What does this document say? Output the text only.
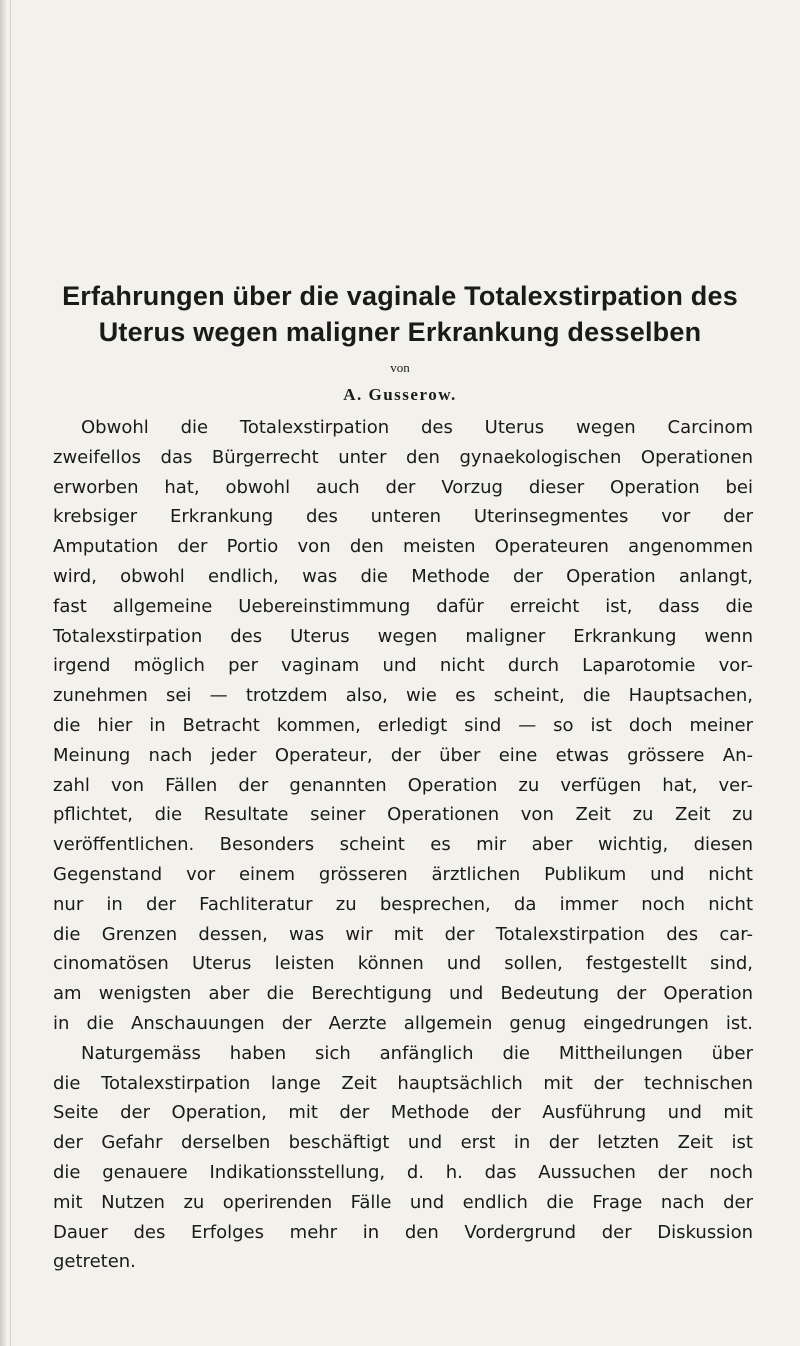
Erfahrungen über die vaginale Totalexstirpation des
Uterus wegen maligner Erkrankung desselben
von
A. Gusserow.

Obwohl die Totalexstirpation des Uterus wegen Carcinom
zweifellos das Bürgerrecht unter den gynaekologischen Operationen
erworben hat, obwohl auch der Vorzug dieser Operation bei
krebsiger Erkrankung des unteren Uterinsegmentes vor der
Amputation der Portio von den meisten Operateuren angenommen
wird, obwohl endlich, was die Methode der Operation anlangt,
fast allgemeine Uebereinstimmung dafür erreicht ist, dass die
Totalexstirpation des Uterus wegen maligner Erkrankung wenn
irgend möglich per vaginam und nicht durch Laparotomie vor-
zunehmen sei — trotzdem also, wie es scheint, die Hauptsachen,
die hier in Betracht kommen, erledigt sind — so ist doch meiner
Meinung nach jeder Operateur, der über eine etwas grössere An-
zahl von Fällen der genannten Operation zu verfügen hat, ver-
pflichtet, die Resultate seiner Operationen von Zeit zu Zeit zu
veröffentlichen. Besonders scheint es mir aber wichtig, diesen
Gegenstand vor einem grösseren ärztlichen Publikum und nicht
nur in der Fachliteratur zu besprechen, da immer noch nicht
die Grenzen dessen, was wir mit der Totalexstirpation des car-
cinomatösen Uterus leisten können und sollen, festgestellt sind,
am wenigsten aber die Berechtigung und Bedeutung der Operation
in die Anschauungen der Aerzte allgemein genug eingedrungen ist.

Naturgemäss haben sich anfänglich die Mittheilungen über
die Totalexstirpation lange Zeit hauptsächlich mit der technischen
Seite der Operation, mit der Methode der Ausführung und mit
der Gefahr derselben beschäftigt und erst in der letzten Zeit ist
die genauere Indikationsstellung, d. h. das Aussuchen der noch
mit Nutzen zu operirenden Fälle und endlich die Frage nach der
Dauer des Erfolges mehr in den Vordergrund der Diskussion
getreten.
